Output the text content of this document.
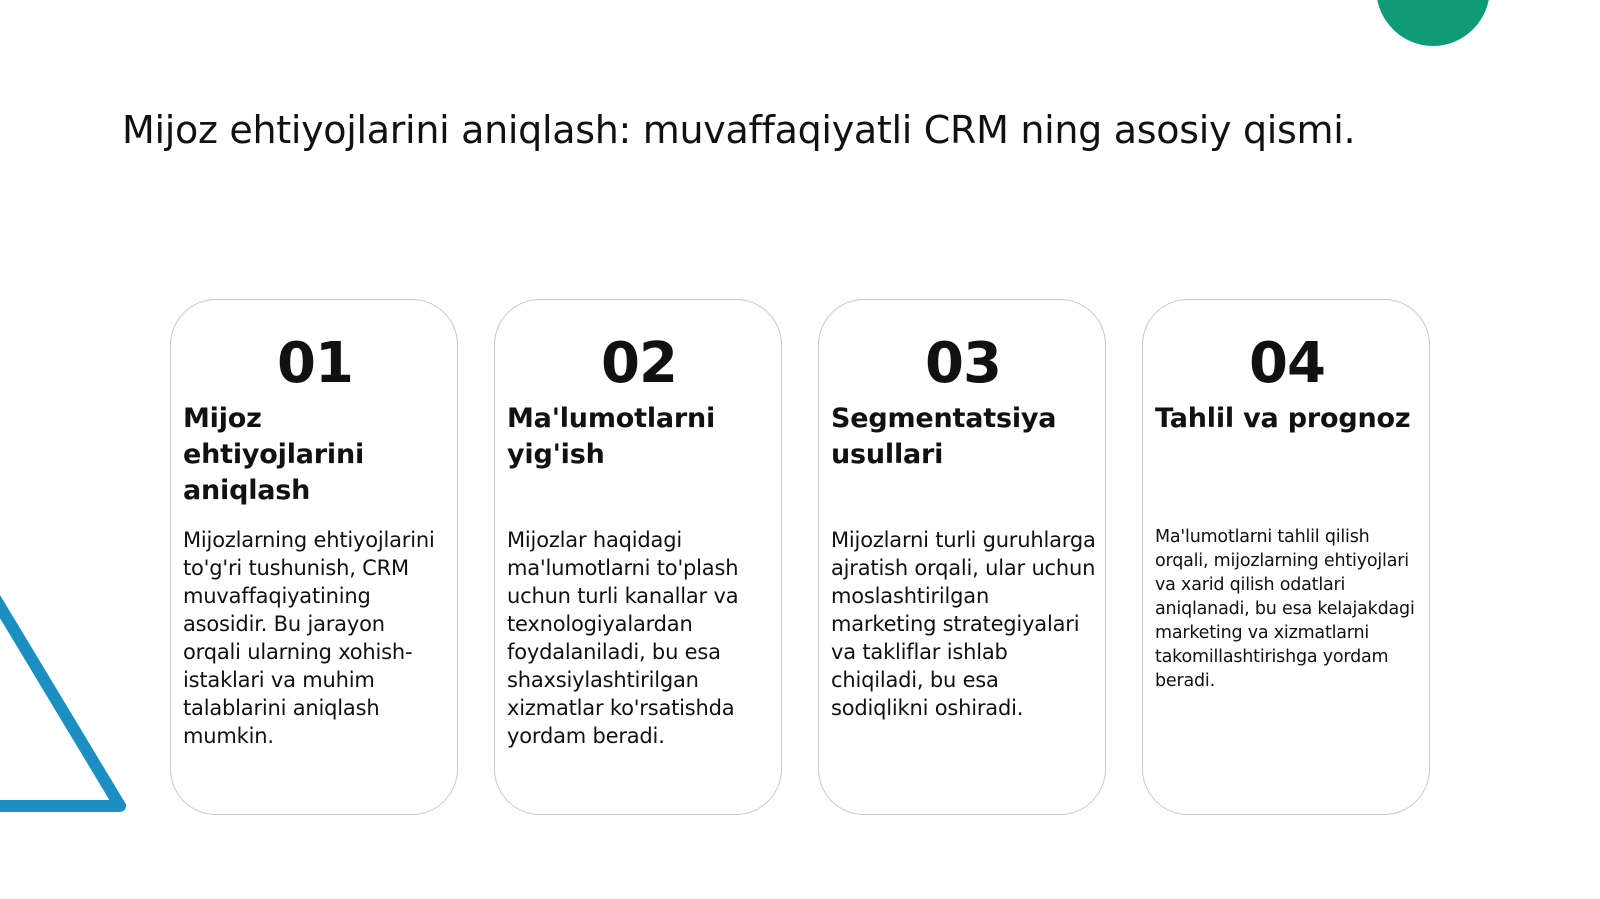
Mijoz ehtiyojlarini aniqlash: muvaffaqiyatli CRM ning asosiy qismi.
01
Mijoz ehtiyojlarini aniqlash
Mijozlarning ehtiyojlarini to'g'ri tushunish, CRM muvaffaqiyatining asosidir. Bu jarayon orqali ularning xohish-istaklari va muhim talablarini aniqlash mumkin.
02
Ma'lumotlarni yig'ish
Mijozlar haqidagi ma'lumotlarni to'plash uchun turli kanallar va texnologiyalardan foydalaniladi, bu esa shaxsiylashtirilgan xizmatlar ko'rsatishda yordam beradi.
03
Segmentatsiya usullari
Mijozlarni turli guruhlarga ajratish orqali, ular uchun moslashtirilgan marketing strategiyalari va takliflar ishlab chiqiladi, bu esa sodiqlikni oshiradi.
04
Tahlil va prognoz
Ma'lumotlarni tahlil qilish orqali, mijozlarning ehtiyojlari va xarid qilish odatlari aniqlanadi, bu esa kelajakdagi marketing va xizmatlarni takomillashtirishga yordam beradi.
